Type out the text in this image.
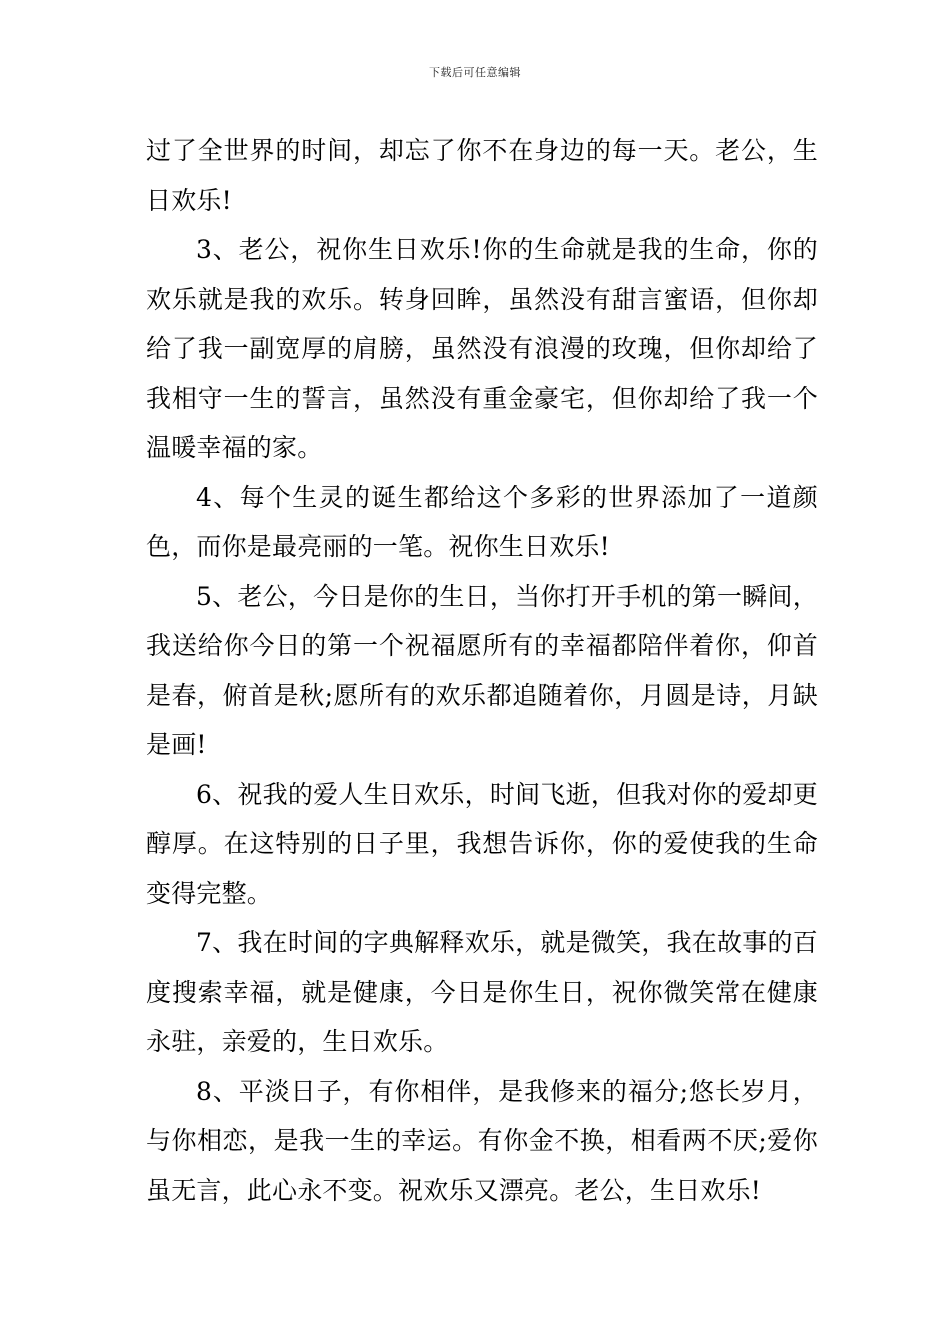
下载后可任意编辑

过了全世界的时间，却忘了你不在身边的每一天。老公，生日欢乐!

3、老公，祝你生日欢乐!你的生命就是我的生命，你的欢乐就是我的欢乐。转身回眸，虽然没有甜言蜜语，但你却给了我一副宽厚的肩膀，虽然没有浪漫的玫瑰，但你却给了我相守一生的誓言，虽然没有重金豪宅，但你却给了我一个温暖幸福的家。

4、每个生灵的诞生都给这个多彩的世界添加了一道颜色，而你是最亮丽的一笔。祝你生日欢乐!

5、老公，今日是你的生日，当你打开手机的第一瞬间，我送给你今日的第一个祝福愿所有的幸福都陪伴着你，仰首是春，俯首是秋;愿所有的欢乐都追随着你，月圆是诗，月缺是画!

6、祝我的爱人生日欢乐，时间飞逝，但我对你的爱却更醇厚。在这特别的日子里，我想告诉你，你的爱使我的生命变得完整。

7、我在时间的字典解释欢乐，就是微笑，我在故事的百度搜索幸福，就是健康，今日是你生日，祝你微笑常在健康永驻，亲爱的，生日欢乐。

8、平淡日子，有你相伴，是我修来的福分;悠长岁月，与你相恋，是我一生的幸运。有你金不换，相看两不厌;爱你虽无言，此心永不变。祝欢乐又漂亮。老公，生日欢乐!
